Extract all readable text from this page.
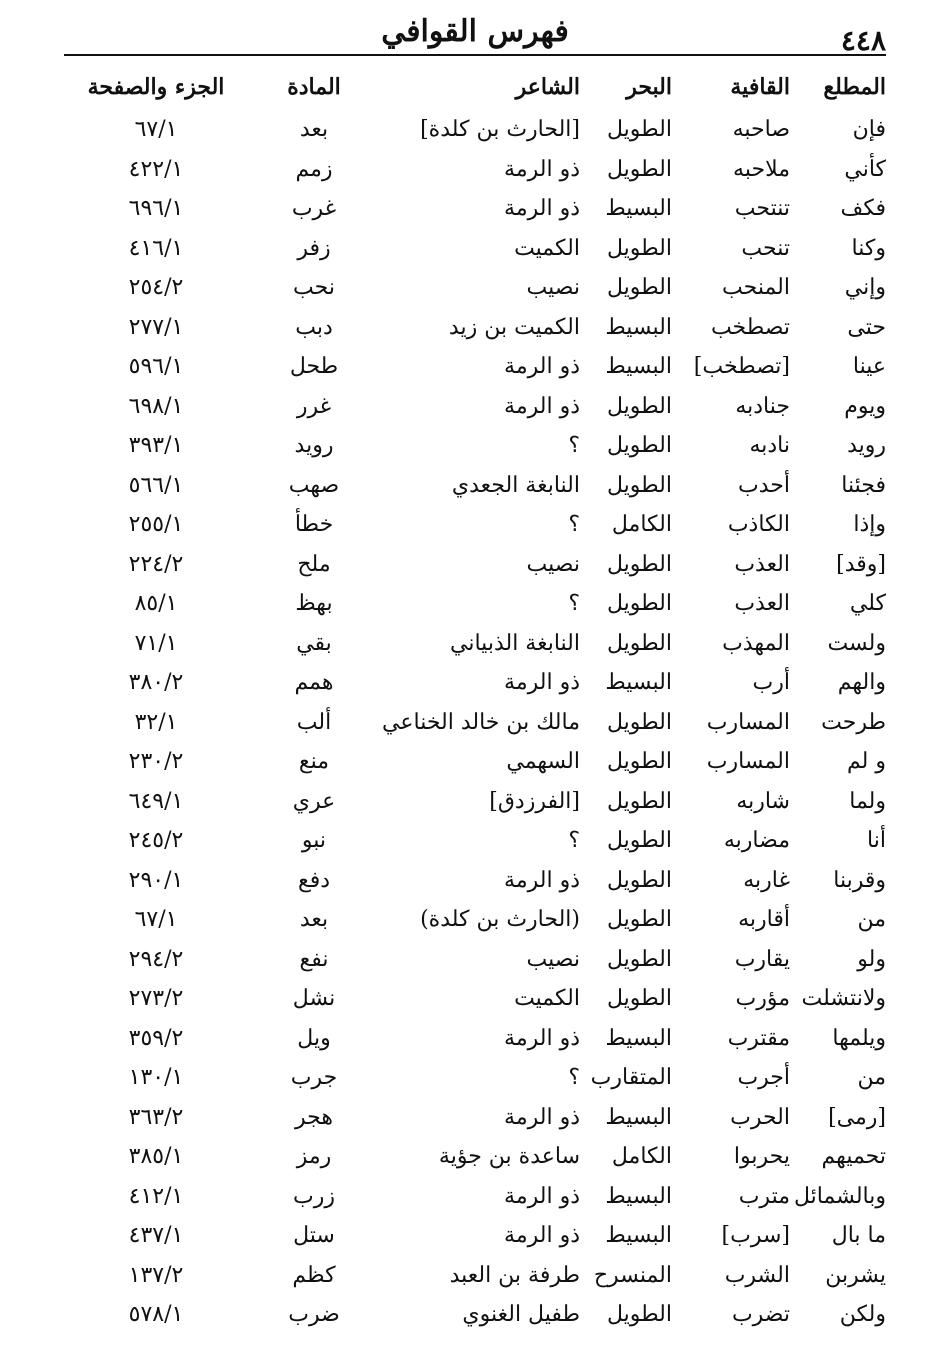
٤٤٨
فهرس القوافي
المطلع	القافية	البحر	الشاعر	المادة	الجزء والصفحة
فإن	صاحبه	الطويل	[الحارث بن كلدة]	بعد	٦٧/١
كأني	ملاحبه	الطويل	ذو الرمة	زمم	٤٢٢/١
فكف	تنتحب	البسيط	ذو الرمة	غرب	٦٩٦/١
وكنا	تنحب	الطويل	الكميت	زفر	٤١٦/١
وإني	المنحب	الطويل	نصيب	نحب	٢٥٤/٢
حتى	تصطخب	البسيط	الكميت بن زيد	دبب	٢٧٧/١
عينا	[تصطخب]	البسيط	ذو الرمة	طحل	٥٩٦/١
ويوم	جنادبه	الطويل	ذو الرمة	غرر	٦٩٨/١
رويد	نادبه	الطويل	؟	رويد	٣٩٣/١
فجئنا	أحدب	الطويل	النابغة الجعدي	صهب	٥٦٦/١
وإذا	الكاذب	الكامل	؟	خطأ	٢٥٥/١
[وقد]	العذب	الطويل	نصيب	ملح	٢٢٤/٢
كلي	العذب	الطويل	؟	بهظ	٨٥/١
ولست	المهذب	الطويل	النابغة الذبياني	بقي	٧١/١
والهم	أرب	البسيط	ذو الرمة	همم	٣٨٠/٢
طرحت	المسارب	الطويل	مالك بن خالد الخناعي	ألب	٣٢/١
و لم	المسارب	الطويل	السهمي	منع	٢٣٠/٢
ولما	شاربه	الطويل	[الفرزدق]	عري	٦٤٩/١
أنا	مضاربه	الطويل	؟	نبو	٢٤٥/٢
وقربنا	غاربه	الطويل	ذو الرمة	دفع	٢٩٠/١
من	أقاربه	الطويل	(الحارث بن كلدة)	بعد	٦٧/١
ولو	يقارب	الطويل	نصيب	نفع	٢٩٤/٢
ولانتشلت	مؤرب	الطويل	الكميت	نشل	٢٧٣/٢
ويلمها	مقترب	البسيط	ذو الرمة	ويل	٣٥٩/٢
من	أجرب	المتقارب	؟	جرب	١٣٠/١
[رمى]	الحرب	البسيط	ذو الرمة	هجر	٣٦٣/٢
تحميهم	يحربوا	الكامل	ساعدة بن جؤية	رمز	٣٨٥/١
وبالشمائل	مترب	البسيط	ذو الرمة	زرب	٤١٢/١
ما بال	[سرب]	البسيط	ذو الرمة	ستل	٤٣٧/١
يشربن	الشرب	المنسرح	طرفة بن العبد	كظم	١٣٧/٢
ولكن	تضرب	الطويل	طفيل الغنوي	ضرب	٥٧٨/١
